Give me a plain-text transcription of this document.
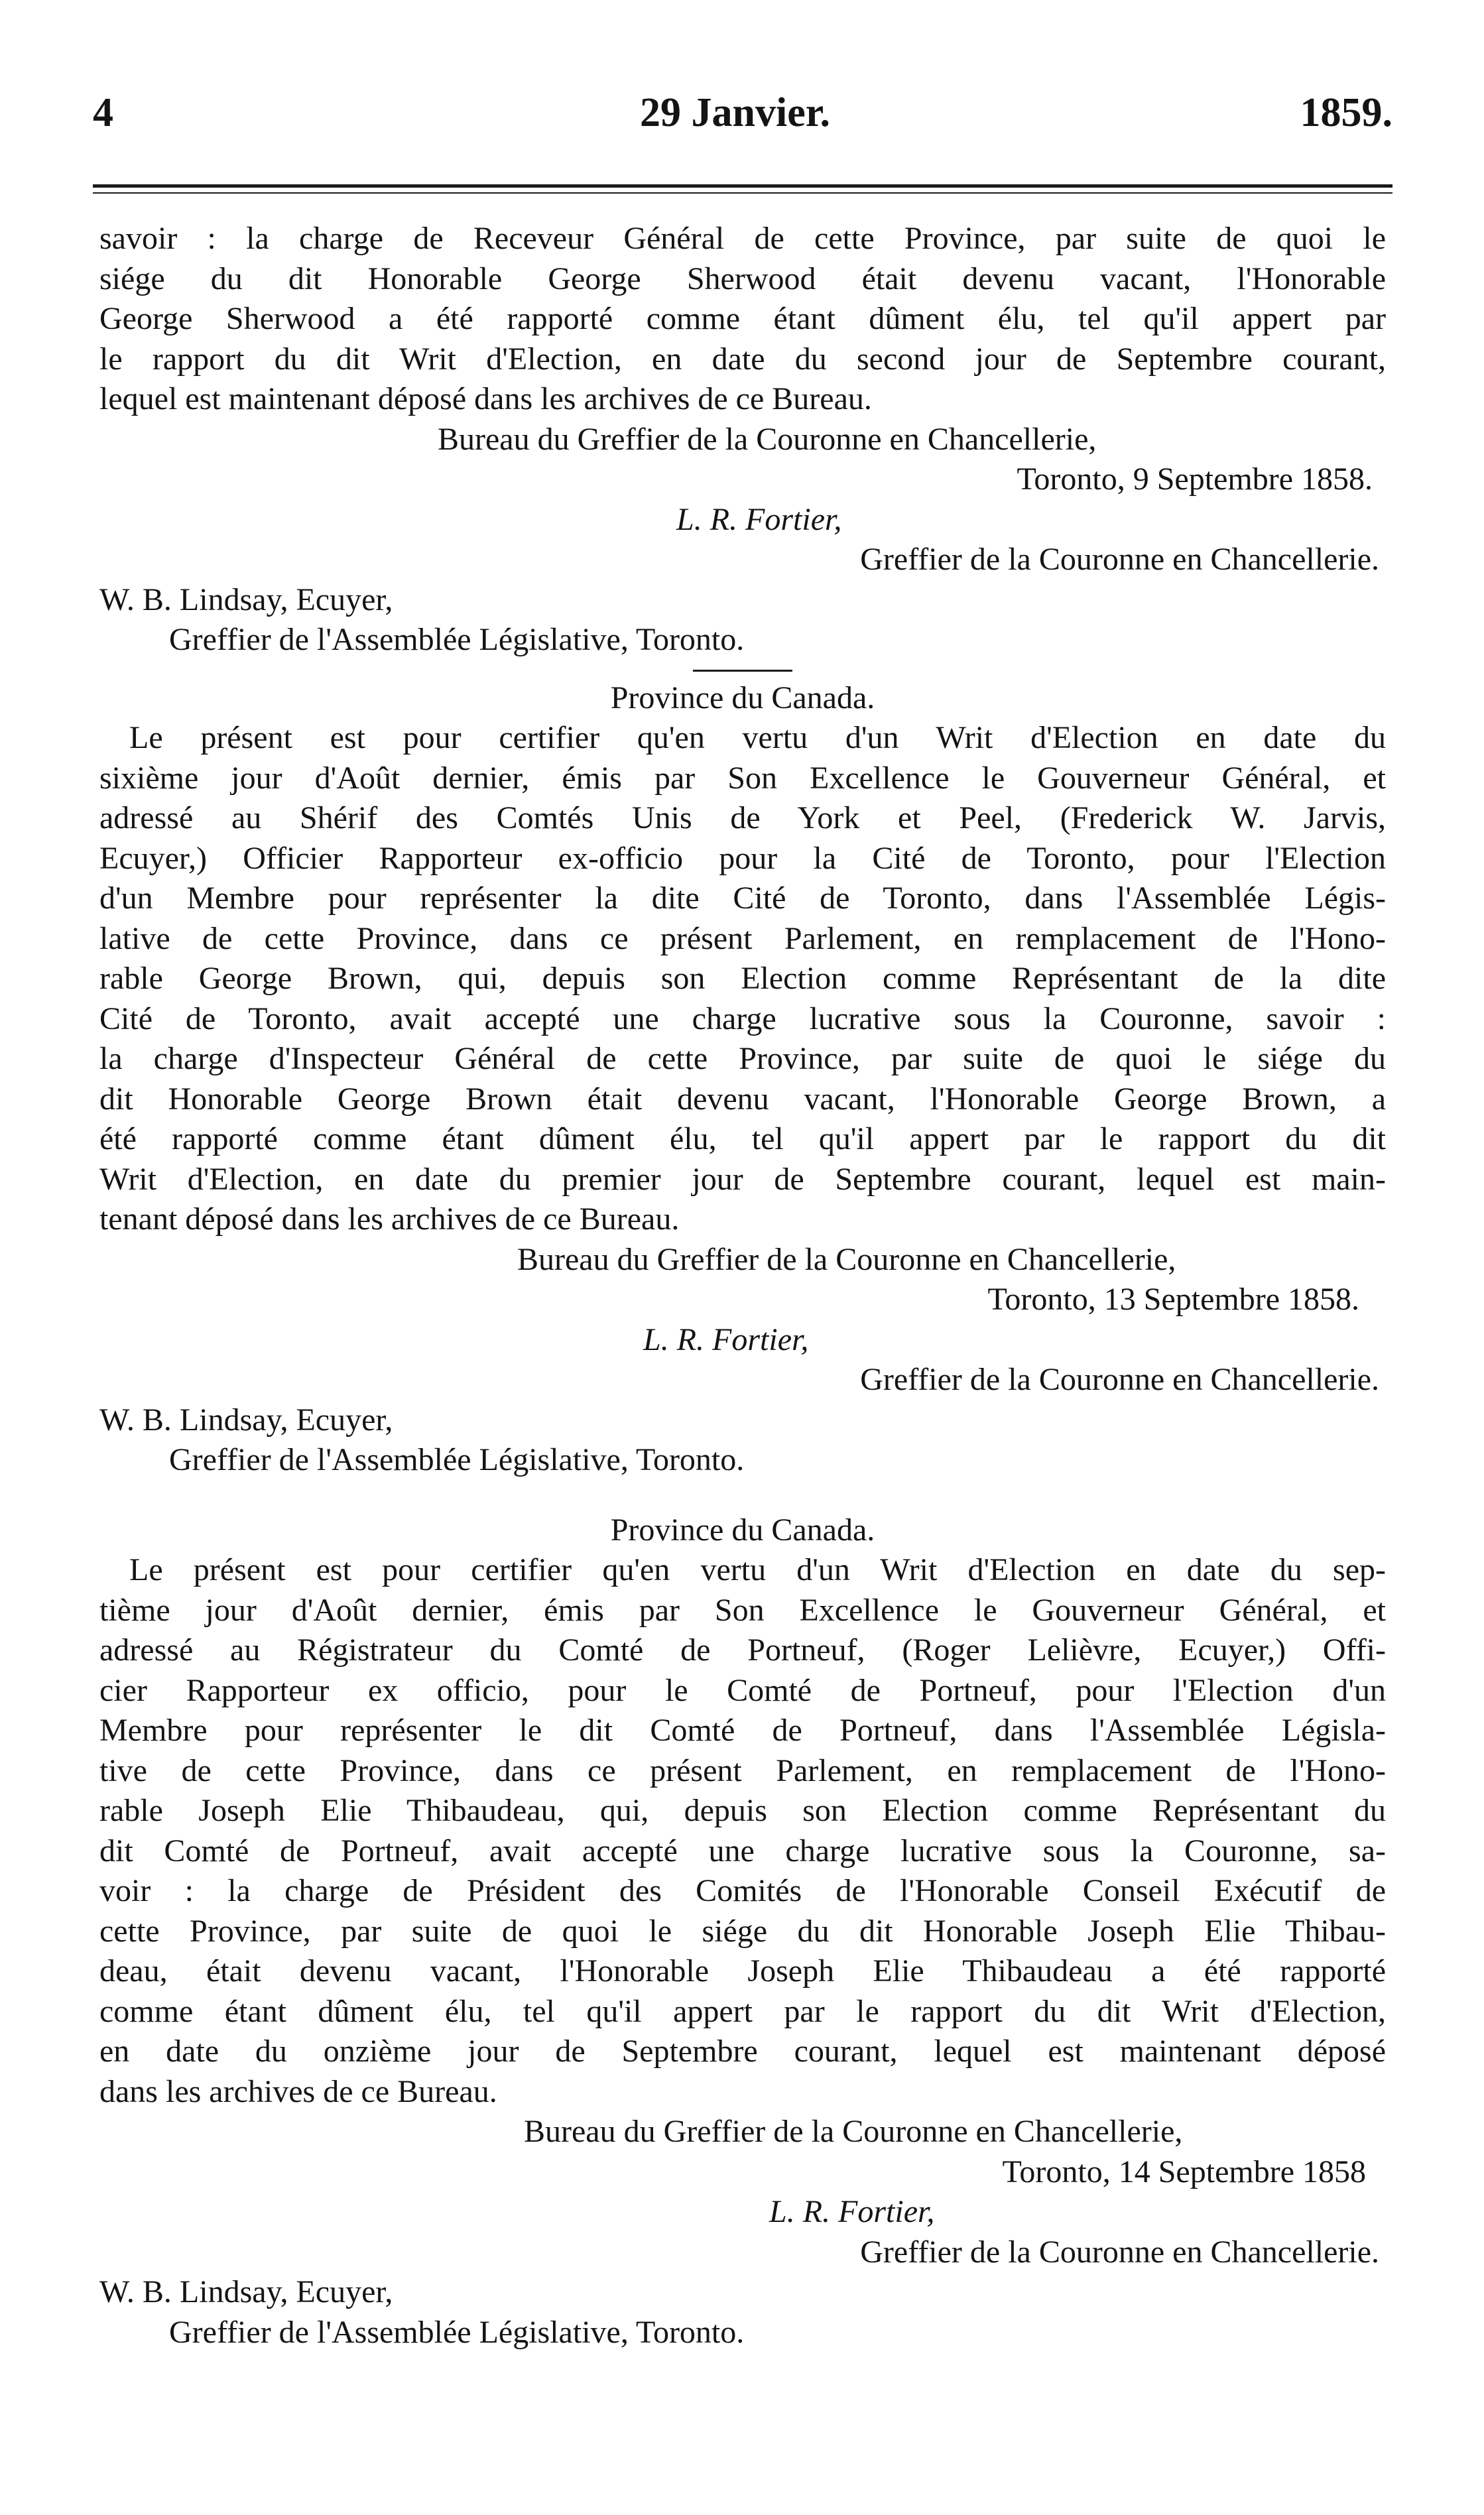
4	29 Janvier.	1859.
savoir : la charge de Receveur Général de cette Province, par suite de quoi le
siége du dit Honorable George Sherwood était devenu vacant, l'Honorable
George Sherwood a été rapporté comme étant dûment élu, tel qu'il appert par
le rapport du dit Writ d'Election, en date du second jour de Septembre courant,
lequel est maintenant déposé dans les archives de ce Bureau.
Bureau du Greffier de la Couronne en Chancellerie,
Toronto, 9 Septembre 1858.
L. R. Fortier,
Greffier de la Couronne en Chancellerie.
W. B. Lindsay, Ecuyer,
Greffier de l'Assemblée Législative, Toronto.
Province du Canada.
Le présent est pour certifier qu'en vertu d'un Writ d'Election en date du
sixième jour d'Août dernier, émis par Son Excellence le Gouverneur Général, et
adressé au Shérif des Comtés Unis de York et Peel, (Frederick W. Jarvis,
Ecuyer,) Officier Rapporteur ex-officio pour la Cité de Toronto, pour l'Election
d'un Membre pour représenter la dite Cité de Toronto, dans l'Assemblée Légis-
lative de cette Province, dans ce présent Parlement, en remplacement de l'Hono-
rable George Brown, qui, depuis son Election comme Représentant de la dite
Cité de Toronto, avait accepté une charge lucrative sous la Couronne, savoir :
la charge d'Inspecteur Général de cette Province, par suite de quoi le siége du
dit Honorable George Brown était devenu vacant, l'Honorable George Brown, a
été rapporté comme étant dûment élu, tel qu'il appert par le rapport du dit
Writ d'Election, en date du premier jour de Septembre courant, lequel est main-
tenant déposé dans les archives de ce Bureau.
Bureau du Greffier de la Couronne en Chancellerie,
Toronto, 13 Septembre 1858.
L. R. Fortier,
Greffier de la Couronne en Chancellerie.
W. B. Lindsay, Ecuyer,
Greffier de l'Assemblée Législative, Toronto.
Province du Canada.
Le présent est pour certifier qu'en vertu d'un Writ d'Election en date du sep-
tième jour d'Août dernier, émis par Son Excellence le Gouverneur Général, et
adressé au Régistrateur du Comté de Portneuf, (Roger Lelièvre, Ecuyer,) Offi-
cier Rapporteur ex officio, pour le Comté de Portneuf, pour l'Election d'un
Membre pour représenter le dit Comté de Portneuf, dans l'Assemblée Législa-
tive de cette Province, dans ce présent Parlement, en remplacement de l'Hono-
rable Joseph Elie Thibaudeau, qui, depuis son Election comme Représentant du
dit Comté de Portneuf, avait accepté une charge lucrative sous la Couronne, sa-
voir : la charge de Président des Comités de l'Honorable Conseil Exécutif de
cette Province, par suite de quoi le siége du dit Honorable Joseph Elie Thibau-
deau, était devenu vacant, l'Honorable Joseph Elie Thibaudeau a été rapporté
comme étant dûment élu, tel qu'il appert par le rapport du dit Writ d'Election,
en date du onzième jour de Septembre courant, lequel est maintenant déposé
dans les archives de ce Bureau.
Bureau du Greffier de la Couronne en Chancellerie,
Toronto, 14 Septembre 1858
L. R. Fortier,
Greffier de la Couronne en Chancellerie.
W. B. Lindsay, Ecuyer,
Greffier de l'Assemblée Législative, Toronto.
